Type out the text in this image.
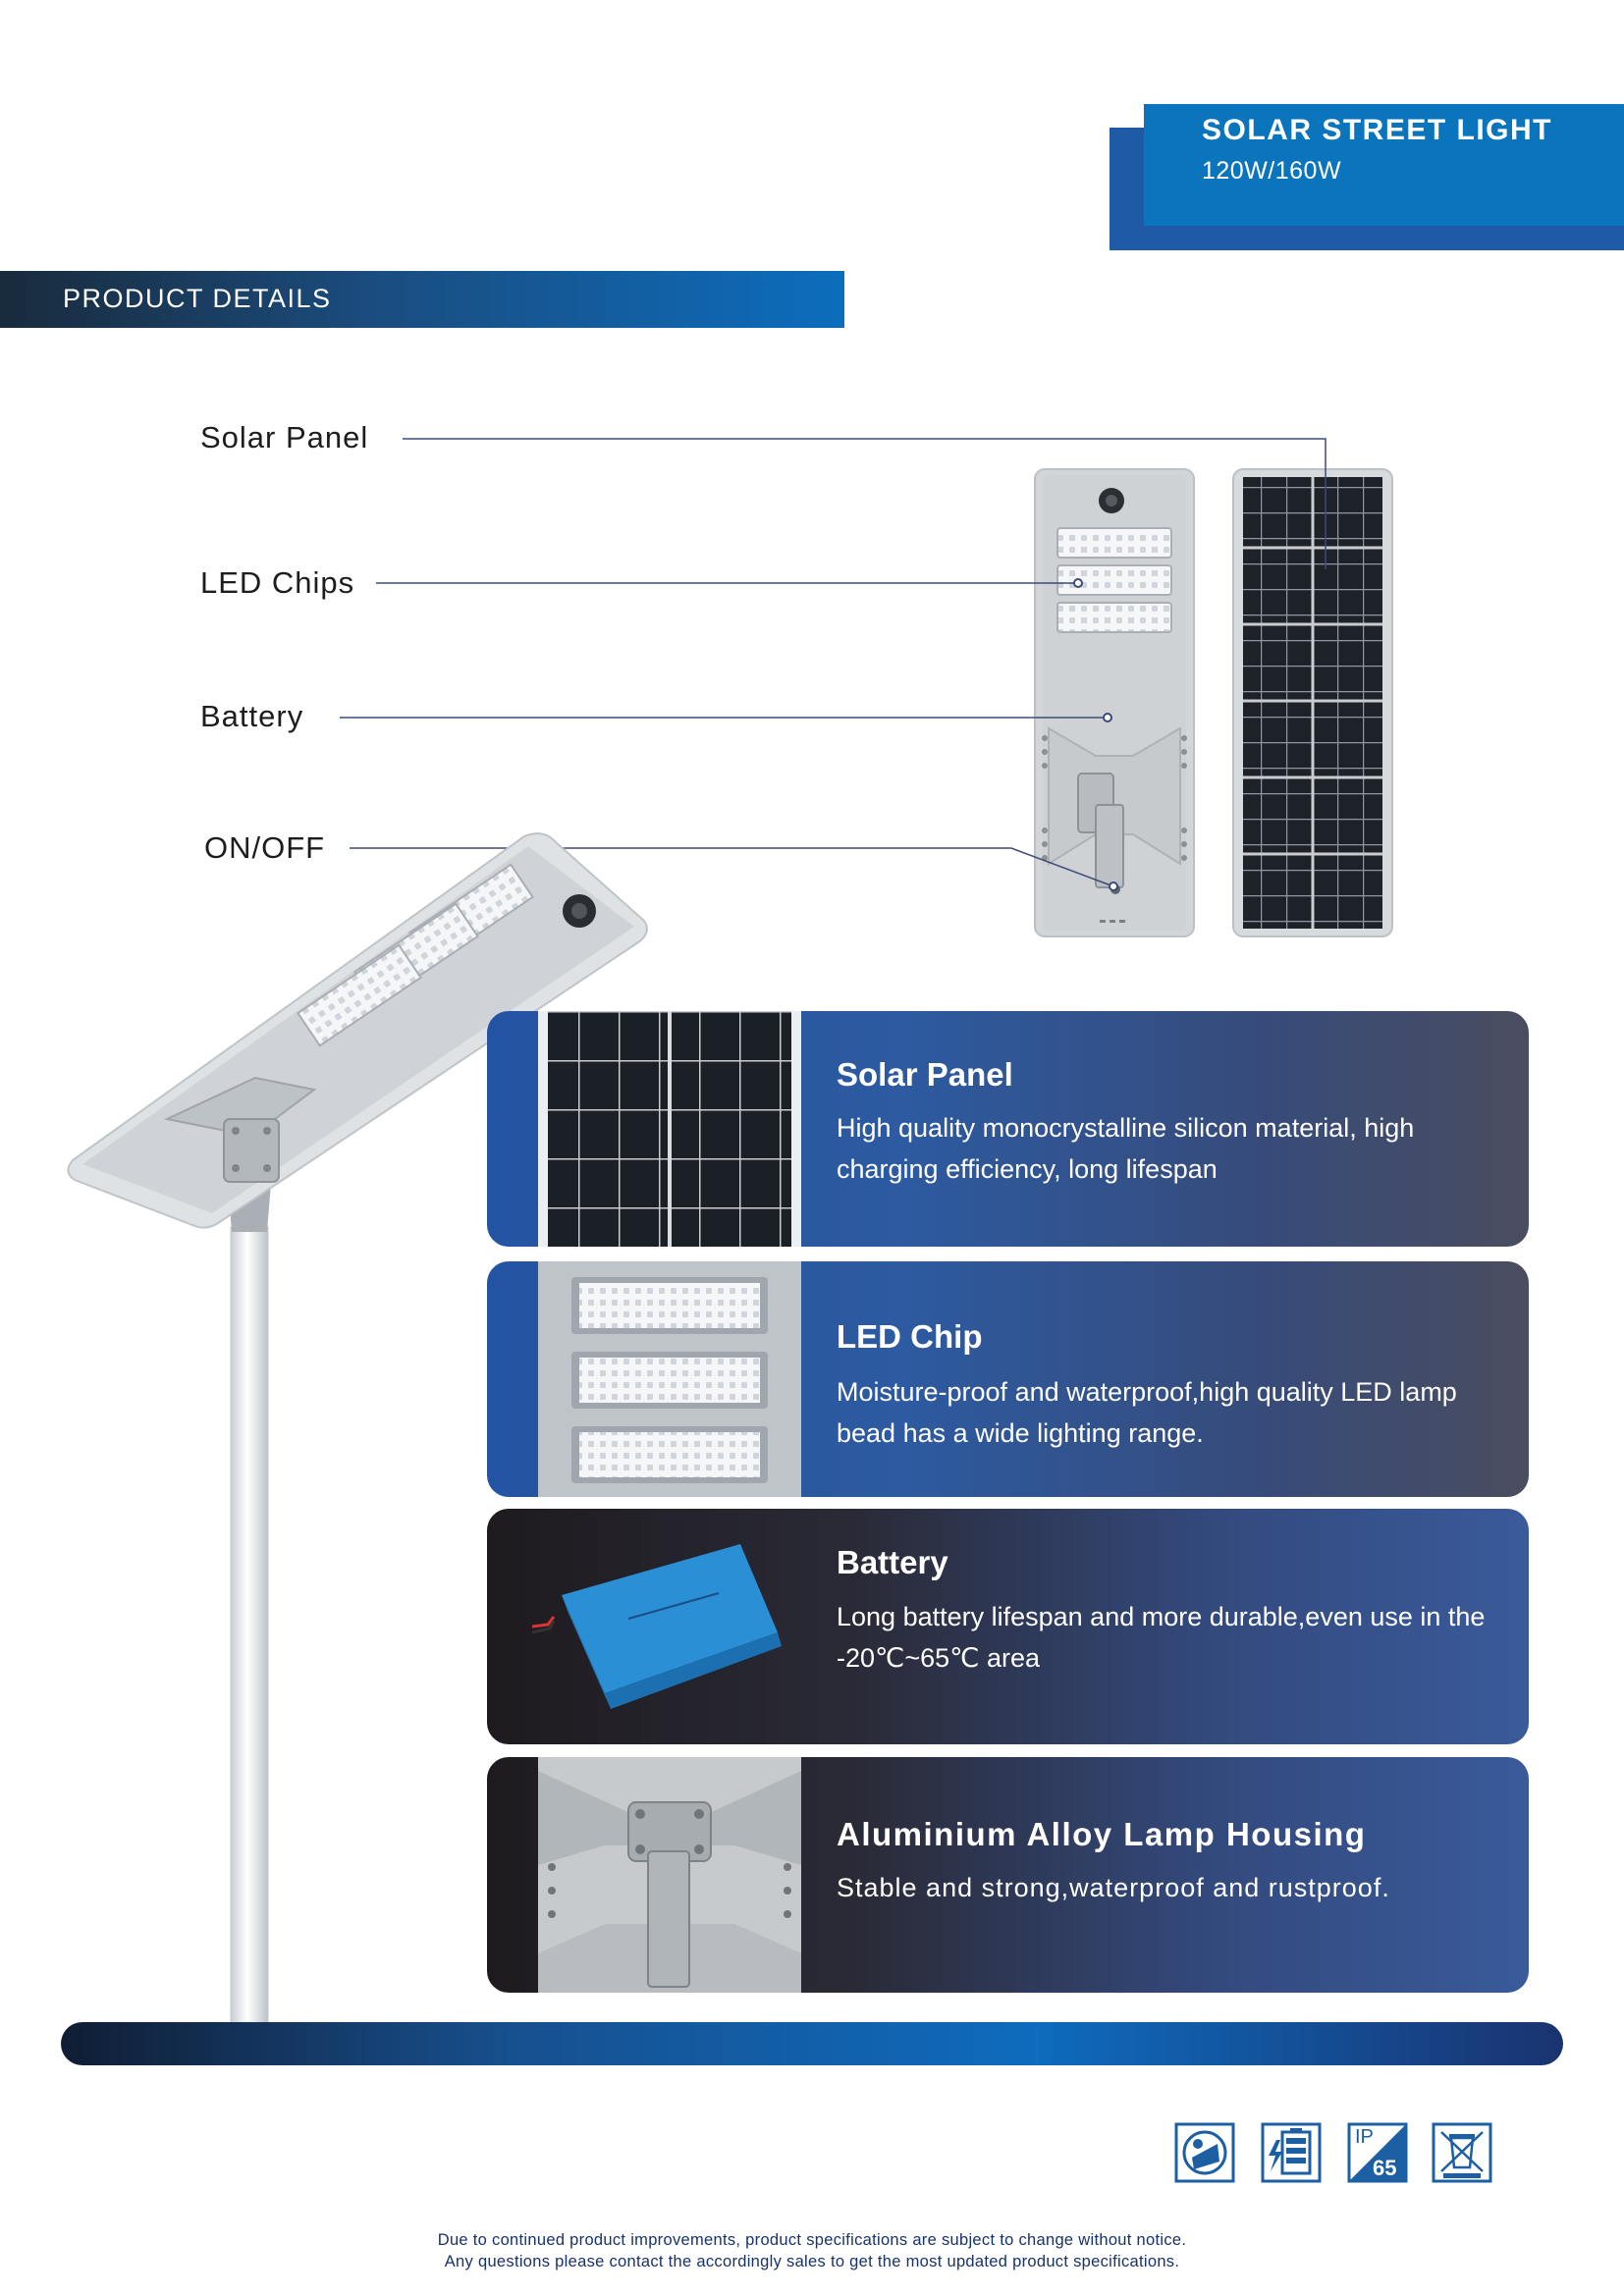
SOLAR STREET LIGHT
120W/160W
PRODUCT DETAILS
Solar Panel
LED Chips
Battery
ON/OFF
Solar Panel
High quality monocrystalline silicon material, high charging efficiency, long lifespan
LED Chip
Moisture-proof and waterproof,high quality LED lamp bead has a wide lighting range.
Battery
Long battery lifespan and more durable,even use in the -20℃~65℃ area
Aluminium Alloy Lamp Housing
Stable and strong,waterproof and rustproof.
IP
65
Due to continued product improvements, product specifications are subject to change without notice.
Any questions please contact the accordingly sales to get the most updated product specifications.
